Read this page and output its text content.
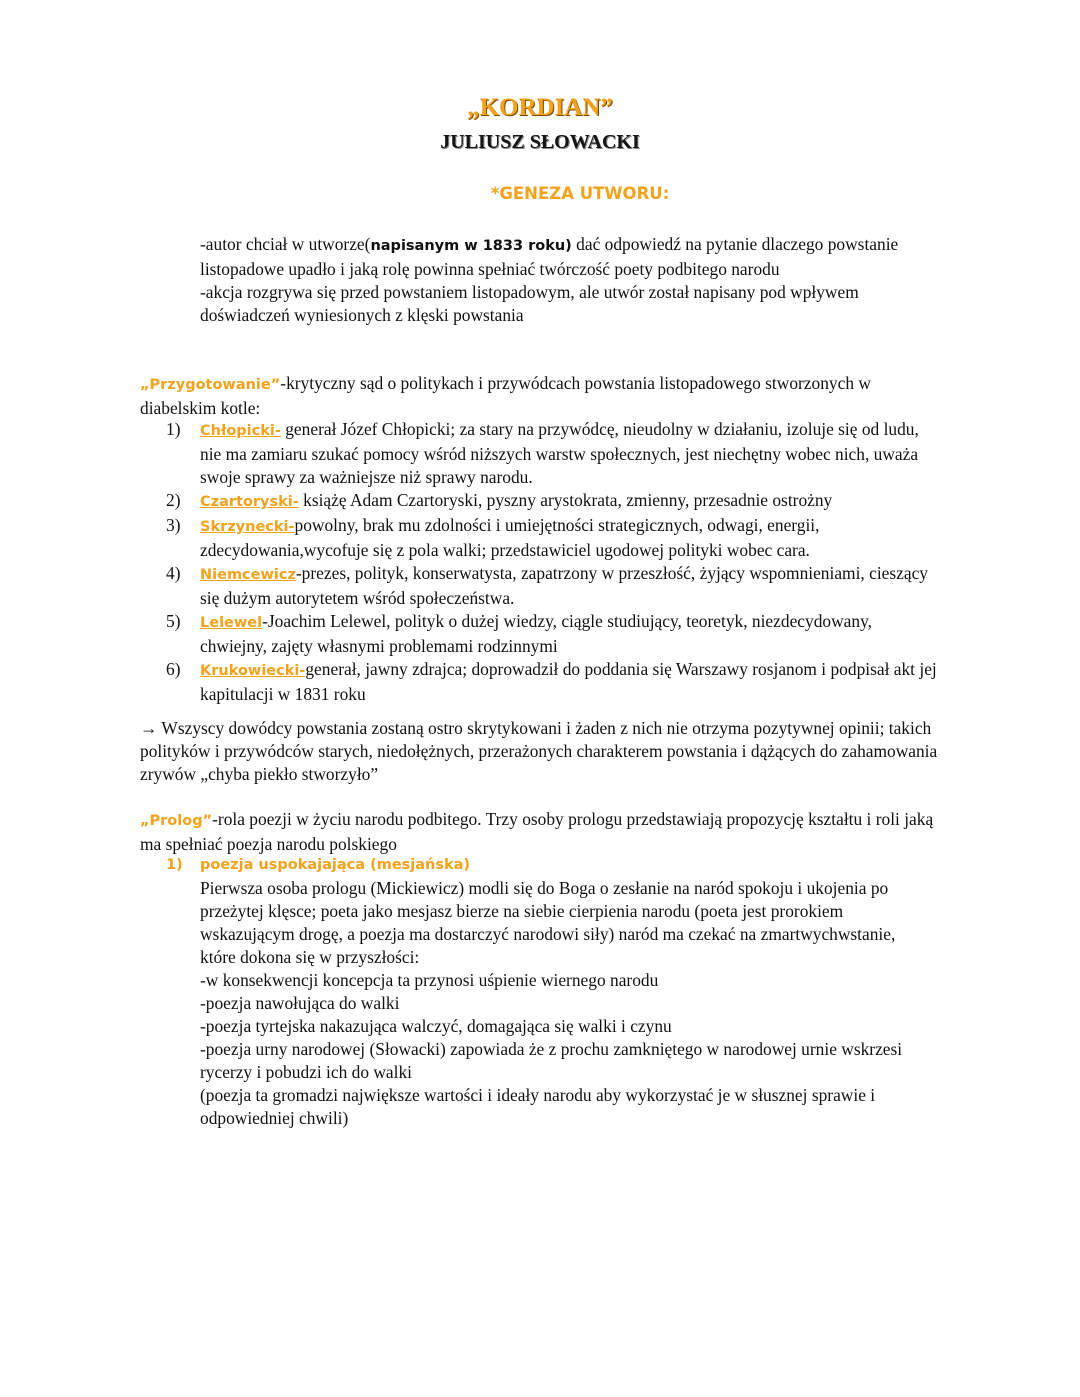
„KORDIAN”
JULIUSZ SŁOWACKI
*GENEZA UTWORU:

-autor chciał w utworze(napisanym w 1833 roku) dać odpowiedź na pytanie dlaczego powstanie listopadowe upadło i jaką rolę powinna spełniać twórczość poety podbitego narodu

-akcja rozgrywa się przed powstaniem listopadowym, ale utwór został napisany pod wpływem doświadczeń wyniesionych z klęski powstania

„Przygotowanie”-krytyczny sąd o politykach i przywódcach powstania listopadowego stworzonych w diabelskim kotle:
1) Chłopicki- generał Józef Chłopicki; za stary na przywódcę, nieudolny w działaniu, izoluje się od ludu, nie ma zamiaru szukać pomocy wśród niższych warstw społecznych, jest niechętny wobec nich, uważa swoje sprawy za ważniejsze niż sprawy narodu.
2) Czartoryski- książę Adam Czartoryski, pyszny arystokrata, zmienny, przesadnie ostrożny
3) Skrzynecki-powolny, brak mu zdolności i umiejętności strategicznych, odwagi, energii, zdecydowania,wycofuje się z pola walki; przedstawiciel ugodowej polityki wobec cara.
4) Niemcewicz-prezes, polityk, konserwatysta, zapatrzony w przeszłość, żyjący wspomnieniami, cieszący się dużym autorytetem wśród społeczeństwa.
5) Lelewel-Joachim Lelewel, polityk o dużej wiedzy, ciągle studiujący, teoretyk, niezdecydowany, chwiejny, zajęty własnymi problemami rodzinnymi
6) Krukowiecki-generał, jawny zdrajca; doprowadził do poddania się Warszawy rosjanom i podpisał akt jej kapitulacji w 1831 roku
→ Wszyscy dowódcy powstania zostaną ostro skrytykowani i żaden z nich nie otrzyma pozytywnej opinii; takich polityków i przywódców starych, niedołężnych, przerażonych charakterem powstania i dążących do zahamowania zrywów „chyba piekło stworzyło”
„Prolog”-rola poezji w życiu narodu podbitego. Trzy osoby prologu przedstawiają propozycję kształtu i roli jaką ma spełniać poezja narodu polskiego
1) poezja uspokajająca (mesjańska)

Pierwsza osoba prologu (Mickiewicz) modli się do Boga o zesłanie na naród spokoju i ukojenia po przeżytej klęsce; poeta jako mesjasz bierze na siebie cierpienia narodu (poeta jest prorokiem wskazującym drogę, a poezja ma dostarczyć narodowi siły) naród ma czekać na zmartwychwstanie, które dokona się w przyszłości:

-w konsekwencji koncepcja ta przynosi uśpienie wiernego narodu

-poezja nawołująca do walki

-poezja tyrtejska nakazująca walczyć, domagająca się walki i czynu

-poezja urny narodowej (Słowacki) zapowiada że z prochu zamkniętego w narodowej urnie wskrzesi rycerzy i pobudzi ich do walki

(poezja ta gromadzi największe wartości i ideały narodu aby wykorzystać je w słusznej sprawie i odpowiedniej chwili)
